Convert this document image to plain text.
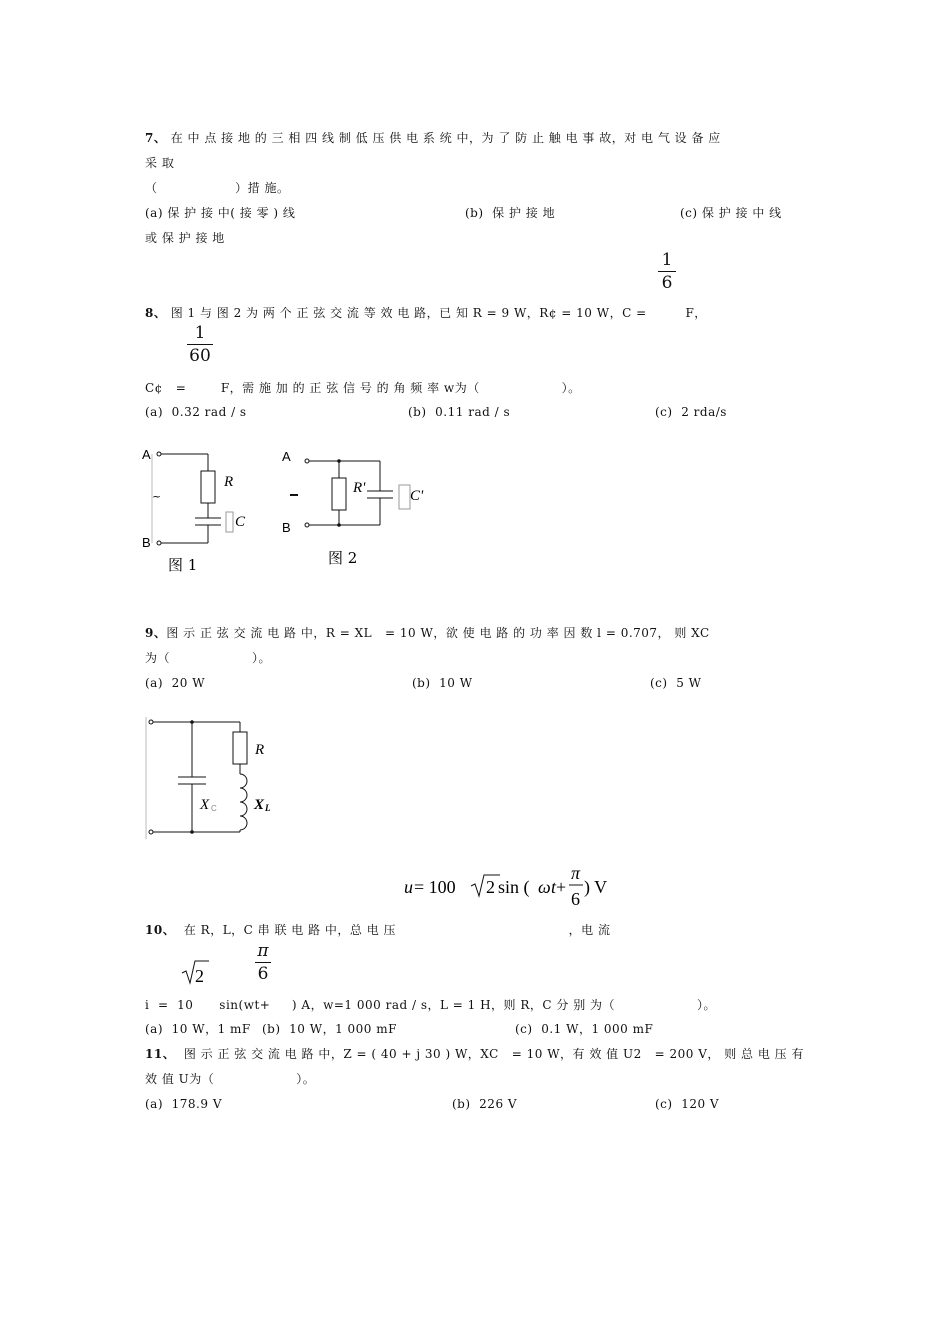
7、 在 中 点 接 地 的 三 相 四 线 制 低 压 供 电 系 统 中，为 了 防 止 触 电 事 故，对 电 气 设 备 应
采 取
（                  ）措 施。
(a) 保 护 接 中( 接 零 ) 线	(b)  保 护 接 地	(c) 保 护 接 中 线
或 保 护 接 地
1
6
8、 图 1 与 图 2 为 两 个 正 弦 交 流 等 效 电 路，已 知 R = 9 W，R¢ = 10 W，C =         F，
1
60
C¢   =        F，需 施 加 的 正 弦 信 号 的 角 频 率 w为（                   ）。
(a)  0.32 rad / s	(b)  0.11 rad / s	(c)  2 rda/s
A
B
~
R
C
图 1
A
B
R'	C'
图 2
9、图 示 正 弦 交 流 电 路 中，R = XL   = 10 W，欲 使 电 路 的 功 率 因 数 l = 0.707， 则 XC
为（                   ）。
(a)  20 W	(b)  10 W	(c)  5 W
R
X C X L
u = 100 2 sin ( ω t +
π
6
) V
10、 在 R，L，C 串 联 电 路 中，总 电 压                                        ，电 流
2
π
6
i  =  10      sin(wt+     ) A，w=1 000 rad / s，L = 1 H，则 R，C 分 别 为（                   ）。
(a)  10 W，1 mF (b)  10 W，1 000 mF	(c)  0.1 W，1 000 mF
11、 图 示 正 弦 交 流 电 路 中，Z = ( 40 + j 30 ) W，XC   = 10 W，有 效 值 U2   = 200 V， 则 总 电 压 有
效 值 U为（                   ）。
(a)  178.9 V	(b)  226 V	(c)  120 V
